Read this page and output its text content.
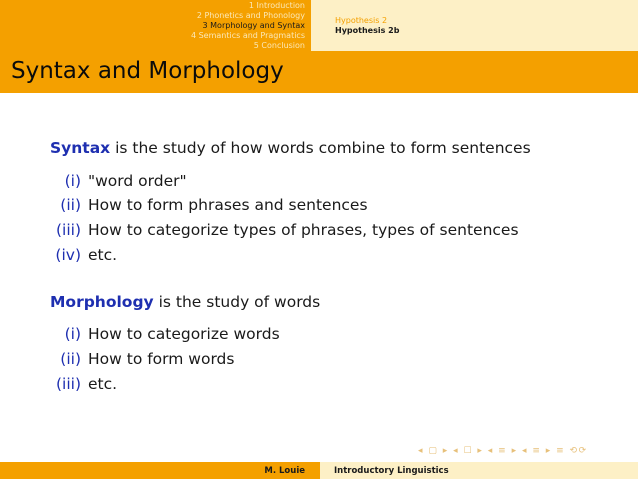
1 Introduction
2 Phonetics and Phonology
3 Morphology and Syntax
4 Semantics and Pragmatics
5 Conclusion
Hypothesis 2
Hypothesis 2b
Syntax and Morphology
Syntax is the study of how words combine to form sentences
(i) "word order"
(ii) How to form phrases and sentences
(iii) How to categorize types of phrases, types of sentences
(iv) etc.
Morphology is the study of words
(i) How to categorize words
(ii) How to form words
(iii) etc.
◂ ▢ ▸ ◂ ☐ ▸ ◂ ≡ ▸ ◂ ≡ ▸ ≡ ⟲⟳
M. Louie	Introductory Linguistics
